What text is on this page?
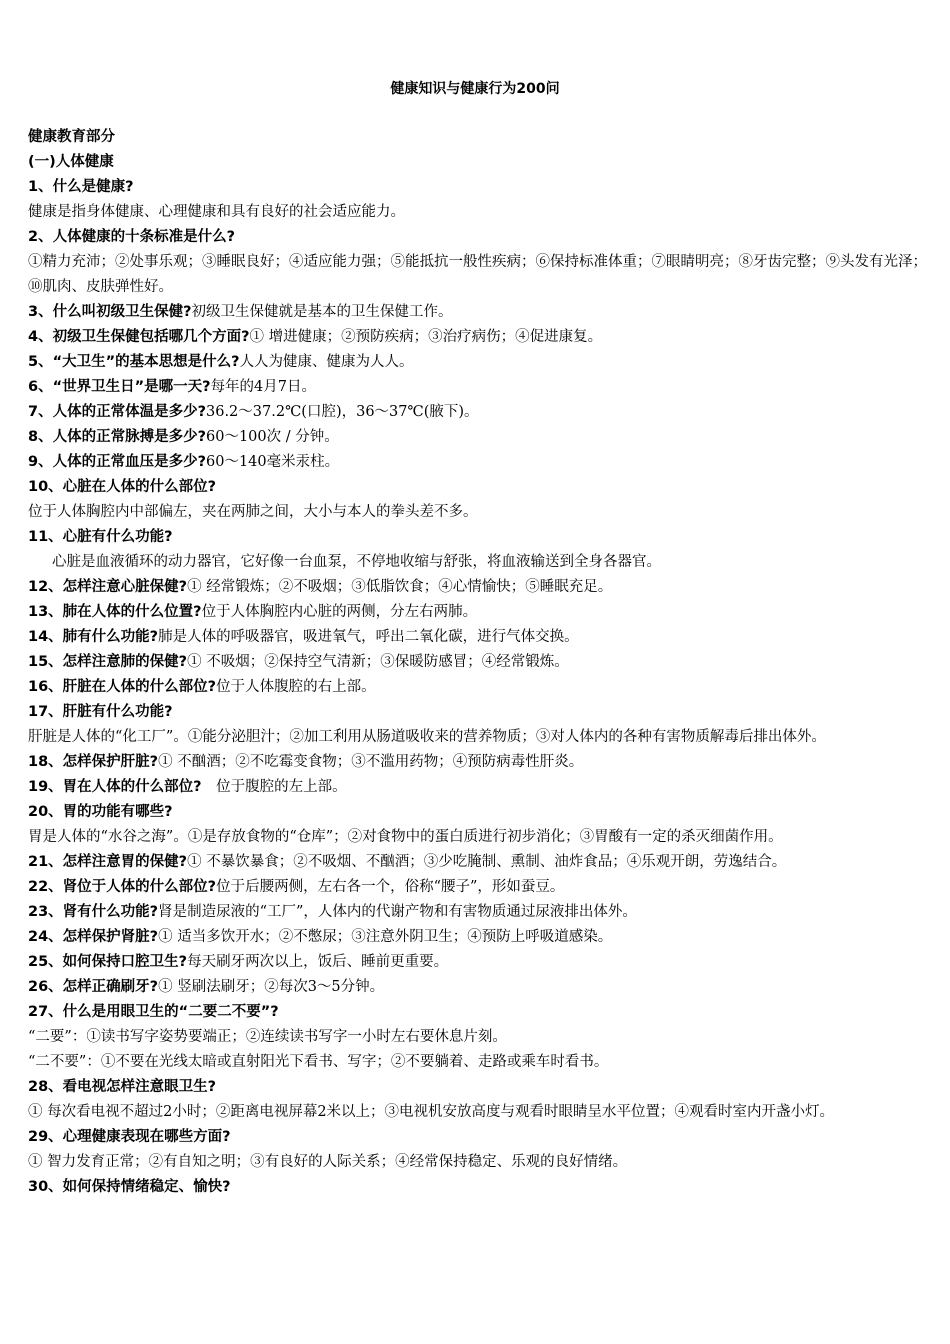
健康知识与健康行为200问
健康教育部分
(一)人体健康
1、什么是健康?
健康是指身体健康、心理健康和具有良好的社会适应能力。
2、人体健康的十条标准是什么?
①精力充沛；②处事乐观；③睡眠良好；④适应能力强；⑤能抵抗一般性疾病；⑥保持标准体重；⑦眼睛明亮；⑧牙齿完整；⑨头发有光泽；⑩肌肉、皮肤弹性好。
3、什么叫初级卫生保健?初级卫生保健就是基本的卫生保健工作。
4、初级卫生保健包括哪几个方面?① 增进健康；②预防疾病；③治疗病伤；④促进康复。
5、“大卫生”的基本思想是什么?人人为健康、健康为人人。
6、“世界卫生日”是哪一天?每年的4月7日。
7、人体的正常体温是多少?36.2～37.2℃(口腔)，36～37℃(腋下)。
8、人体的正常脉搏是多少?60～100次 / 分钟。
9、人体的正常血压是多少?60～140毫米汞柱。
10、心脏在人体的什么部位?
位于人体胸腔内中部偏左，夹在两肺之间，大小与本人的拳头差不多。
11、心脏有什么功能?
心脏是血液循环的动力器官，它好像一台血泵，不停地收缩与舒张，将血液输送到全身各器官。
12、怎样注意心脏保健?① 经常锻炼；②不吸烟；③低脂饮食；④心情愉快；⑤睡眠充足。
13、肺在人体的什么位置?位于人体胸腔内心脏的两侧，分左右两肺。
14、肺有什么功能?肺是人体的呼吸器官，吸进氧气，呼出二氧化碳，进行气体交换。
15、怎样注意肺的保健?① 不吸烟；②保持空气清新；③保暖防感冒；④经常锻炼。
16、肝脏在人体的什么部位?位于人体腹腔的右上部。
17、肝脏有什么功能?
肝脏是人体的“化工厂”。①能分泌胆汁；②加工利用从肠道吸收来的营养物质；③对人体内的各种有害物质解毒后排出体外。
18、怎样保护肝脏?① 不酗酒；②不吃霉变食物；③不滥用药物；④预防病毒性肝炎。
19、胃在人体的什么部位?　位于腹腔的左上部。
20、胃的功能有哪些?
胃是人体的“水谷之海”。①是存放食物的“仓库”；②对食物中的蛋白质进行初步消化；③胃酸有一定的杀灭细菌作用。
21、怎样注意胃的保健?① 不暴饮暴食；②不吸烟、不酗酒；③少吃腌制、熏制、油炸食品；④乐观开朗，劳逸结合。
22、肾位于人体的什么部位?位于后腰两侧，左右各一个，俗称“腰子”，形如蚕豆。
23、肾有什么功能?肾是制造尿液的“工厂”，人体内的代谢产物和有害物质通过尿液排出体外。
24、怎样保护肾脏?① 适当多饮开水；②不憋尿；③注意外阴卫生；④预防上呼吸道感染。
25、如何保持口腔卫生?每天刷牙两次以上，饭后、睡前更重要。
26、怎样正确刷牙?① 竖刷法刷牙；②每次3～5分钟。
27、什么是用眼卫生的“二要二不要”?
“二要”：①读书写字姿势要端正；②连续读书写字一小时左右要休息片刻。
“二不要”：①不要在光线太暗或直射阳光下看书、写字；②不要躺着、走路或乘车时看书。
28、看电视怎样注意眼卫生?
① 每次看电视不超过2小时；②距离电视屏幕2米以上；③电视机安放高度与观看时眼睛呈水平位置；④观看时室内开盏小灯。
29、心理健康表现在哪些方面?
① 智力发育正常；②有自知之明；③有良好的人际关系；④经常保持稳定、乐观的良好情绪。
30、如何保持情绪稳定、愉快?
